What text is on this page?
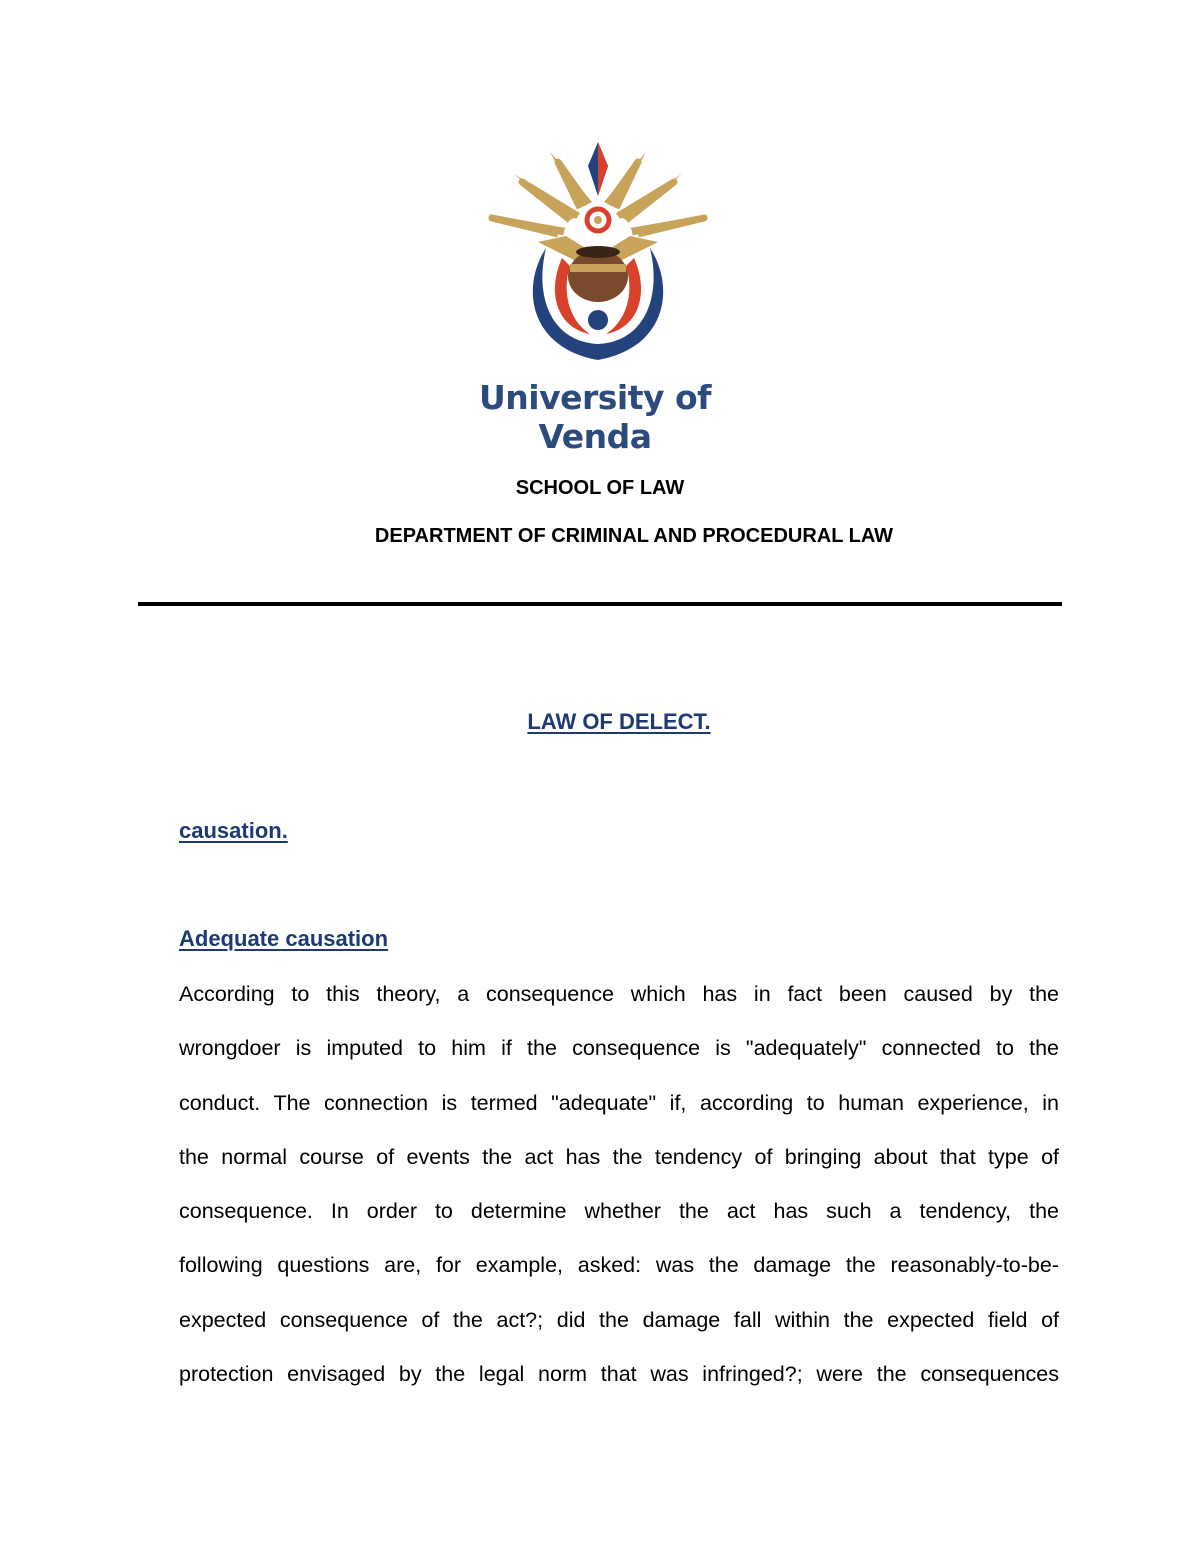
University of Venda
SCHOOL OF LAW
DEPARTMENT OF CRIMINAL AND PROCEDURAL LAW
LAW OF DELECT.
causation.
Adequate causation
According to this theory, a consequence which has in fact been caused by the
wrongdoer is imputed to him if the consequence is "adequately" connected to the
conduct. The connection is termed "adequate" if, according to human experience, in
the normal course of events the act has the tendency of bringing about that type of
consequence. In order to determine whether the act has such a tendency, the
following questions are, for example, asked: was the damage the reasonably-to-be-
expected consequence of the act?; did the damage fall within the expected field of
protection envisaged by the legal norm that was infringed?; were the consequences
